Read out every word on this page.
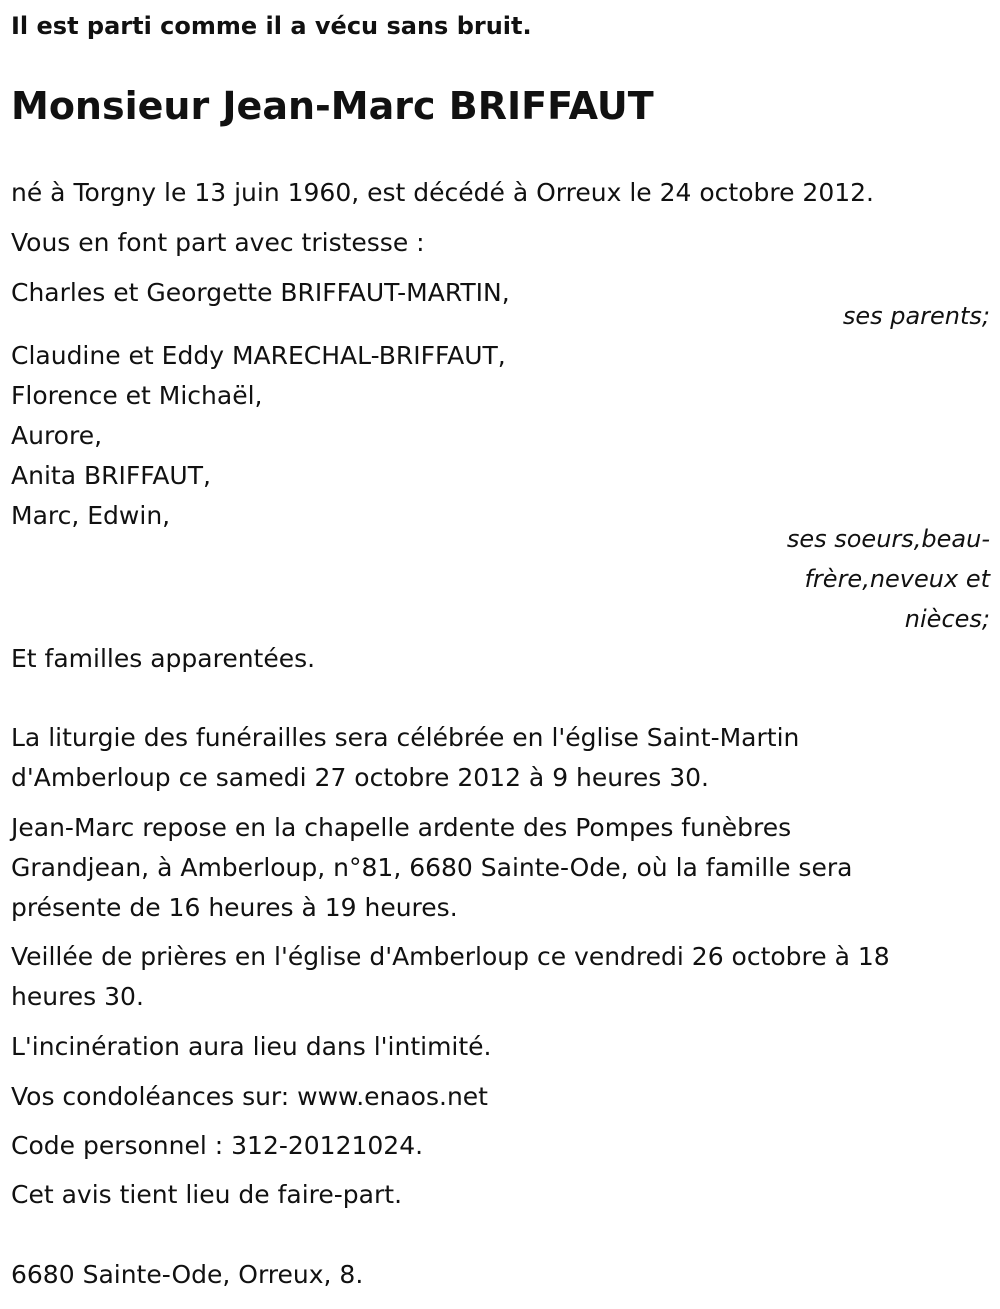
Il est parti comme il a vécu sans bruit.
Monsieur Jean-Marc BRIFFAUT
né à Torgny le 13 juin 1960, est décédé à Orreux le 24 octobre 2012.
Vous en font part avec tristesse :
Charles et Georgette BRIFFAUT-MARTIN,
ses parents;
Claudine et Eddy MARECHAL-BRIFFAUT,
Florence et Michaël,
Aurore,
Anita BRIFFAUT,
Marc, Edwin,
ses soeurs,beau-
frère,neveux et
nièces;
Et familles apparentées.
La liturgie des funérailles sera célébrée en l'église Saint-Martin
d'Amberloup ce samedi 27 octobre 2012 à 9 heures 30.
Jean-Marc repose en la chapelle ardente des Pompes funèbres
Grandjean, à Amberloup, n°81, 6680 Sainte-Ode, où la famille sera
présente de 16 heures à 19 heures.
Veillée de prières en l'église d'Amberloup ce vendredi 26 octobre à 18
heures 30.
L'incinération aura lieu dans l'intimité.
Vos condoléances sur: www.enaos.net
Code personnel : 312-20121024.
Cet avis tient lieu de faire-part.
6680 Sainte-Ode, Orreux, 8.
